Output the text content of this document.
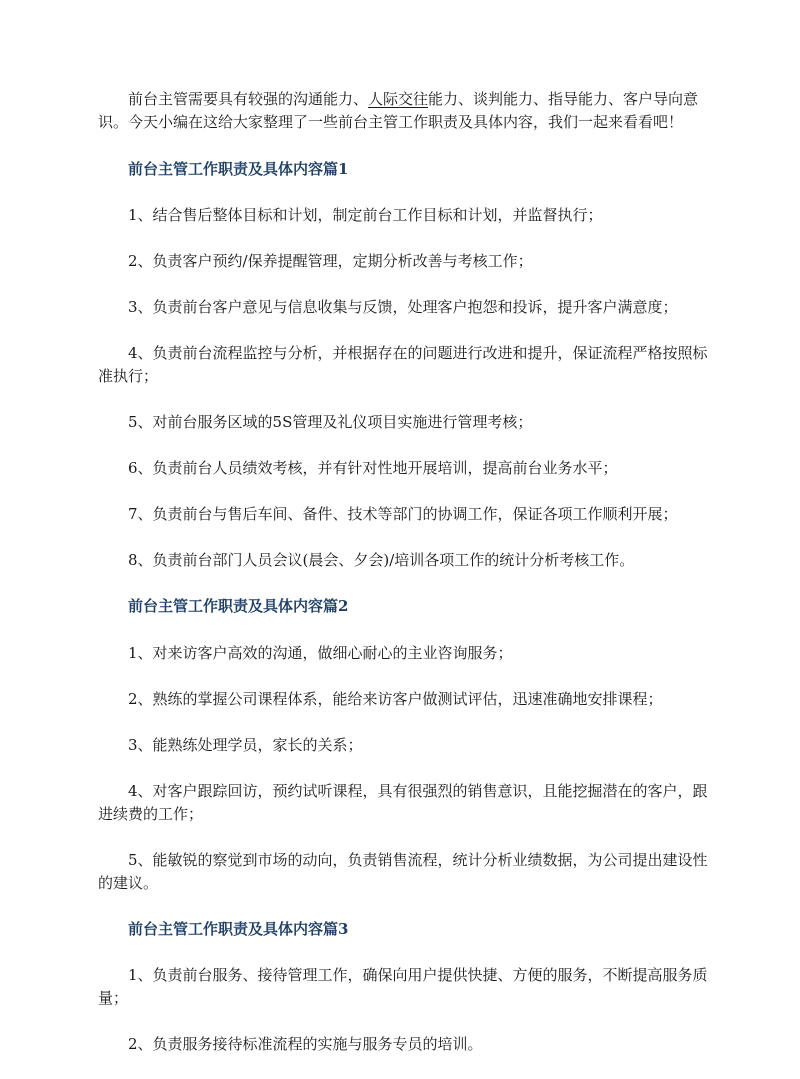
前台主管需要具有较强的沟通能力、人际交往能力、谈判能力、指导能力、客户导向意识。今天小编在这给大家整理了一些前台主管工作职责及具体内容，我们一起来看看吧！

前台主管工作职责及具体内容篇1

1、结合售后整体目标和计划，制定前台工作目标和计划，并监督执行；

2、负责客户预约/保养提醒管理，定期分析改善与考核工作；

3、负责前台客户意见与信息收集与反馈，处理客户抱怨和投诉，提升客户满意度；

4、负责前台流程监控与分析，并根据存在的问题进行改进和提升，保证流程严格按照标准执行；

5、对前台服务区域的5S管理及礼仪项目实施进行管理考核；

6、负责前台人员绩效考核，并有针对性地开展培训，提高前台业务水平；

7、负责前台与售后车间、备件、技术等部门的协调工作，保证各项工作顺利开展；

8、负责前台部门人员会议(晨会、夕会)/培训各项工作的统计分析考核工作。

前台主管工作职责及具体内容篇2

1、对来访客户高效的沟通，做细心耐心的主业咨询服务；

2、熟练的掌握公司课程体系，能给来访客户做测试评估，迅速准确地安排课程；

3、能熟练处理学员，家长的关系；

4、对客户跟踪回访，预约试听课程，具有很强烈的销售意识，且能挖掘潜在的客户，跟进续费的工作；

5、能敏锐的察觉到市场的动向，负责销售流程，统计分析业绩数据，为公司提出建设性的建议。

前台主管工作职责及具体内容篇3

1、负责前台服务、接待管理工作，确保向用户提供快捷、方便的服务，不断提高服务质量；

2、负责服务接待标准流程的实施与服务专员的培训。
